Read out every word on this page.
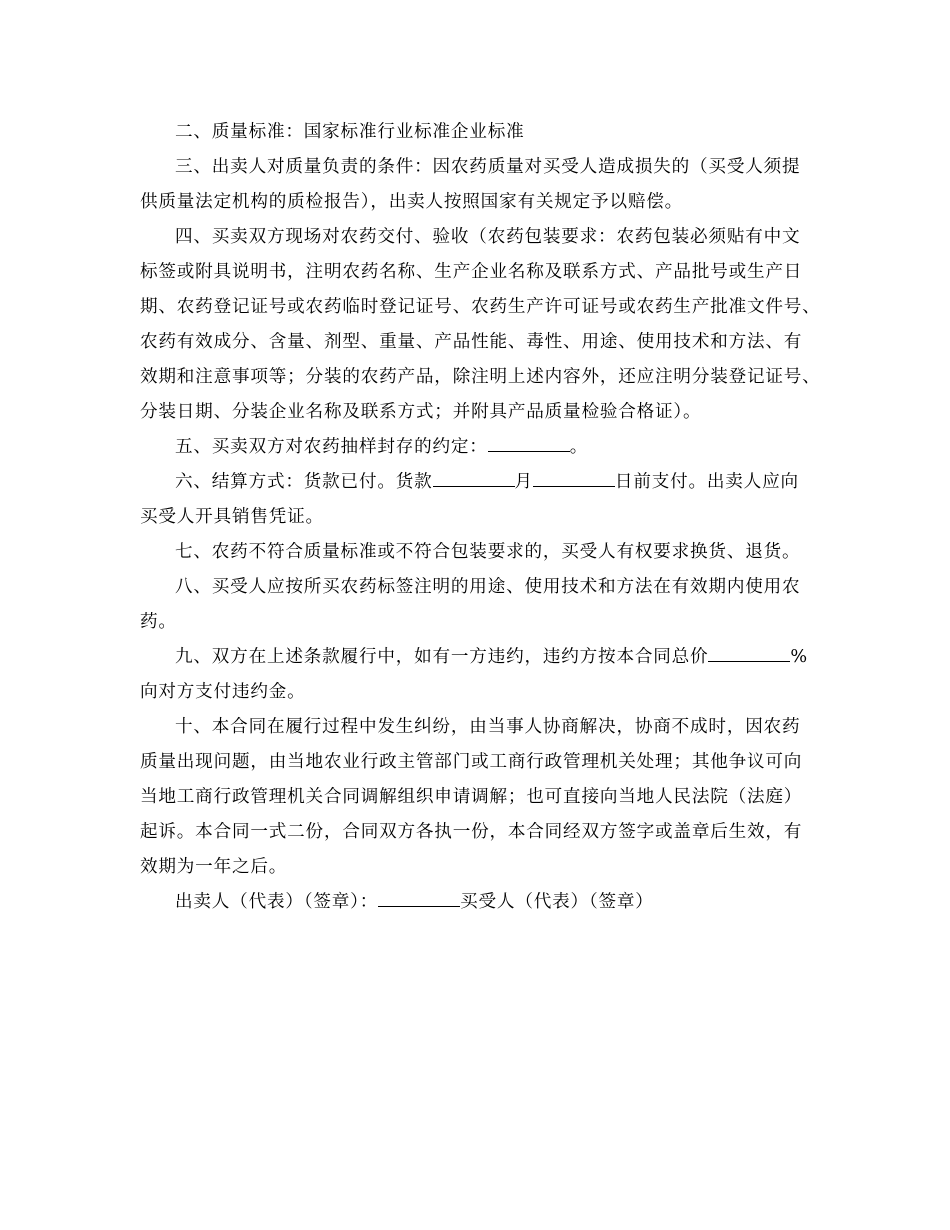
二、质量标准：国家标准行业标准企业标准

三、出卖人对质量负责的条件：因农药质量对买受人造成损失的（买受人须提
供质量法定机构的质检报告），出卖人按照国家有关规定予以赔偿。

四、买卖双方现场对农药交付、验收（农药包装要求：农药包装必须贴有中文
标签或附具说明书，注明农药名称、生产企业名称及联系方式、产品批号或生产日
期、农药登记证号或农药临时登记证号、农药生产许可证号或农药生产批准文件号、
农药有效成分、含量、剂型、重量、产品性能、毒性、用途、使用技术和方法、有
效期和注意事项等；分装的农药产品，除注明上述内容外，还应注明分装登记证号、
分装日期、分装企业名称及联系方式；并附具产品质量检验合格证）。

五、买卖双方对农药抽样封存的约定：	。

六、结算方式：货款已付。货款	月	日前支付。出卖人应向
买受人开具销售凭证。

七、农药不符合质量标准或不符合包装要求的，买受人有权要求换货、退货。

八、买受人应按所买农药标签注明的用途、使用技术和方法在有效期内使用农
药。

九、双方在上述条款履行中，如有一方违约，违约方按本合同总价	%
向对方支付违约金。

十、本合同在履行过程中发生纠纷，由当事人协商解决，协商不成时，因农药
质量出现问题，由当地农业行政主管部门或工商行政管理机关处理；其他争议可向
当地工商行政管理机关合同调解组织申请调解；也可直接向当地人民法院（法庭）
起诉。本合同一式二份，合同双方各执一份，本合同经双方签字或盖章后生效，有
效期为一年之后。

出卖人（代表）（签章）：	买受人（代表）（签章）
